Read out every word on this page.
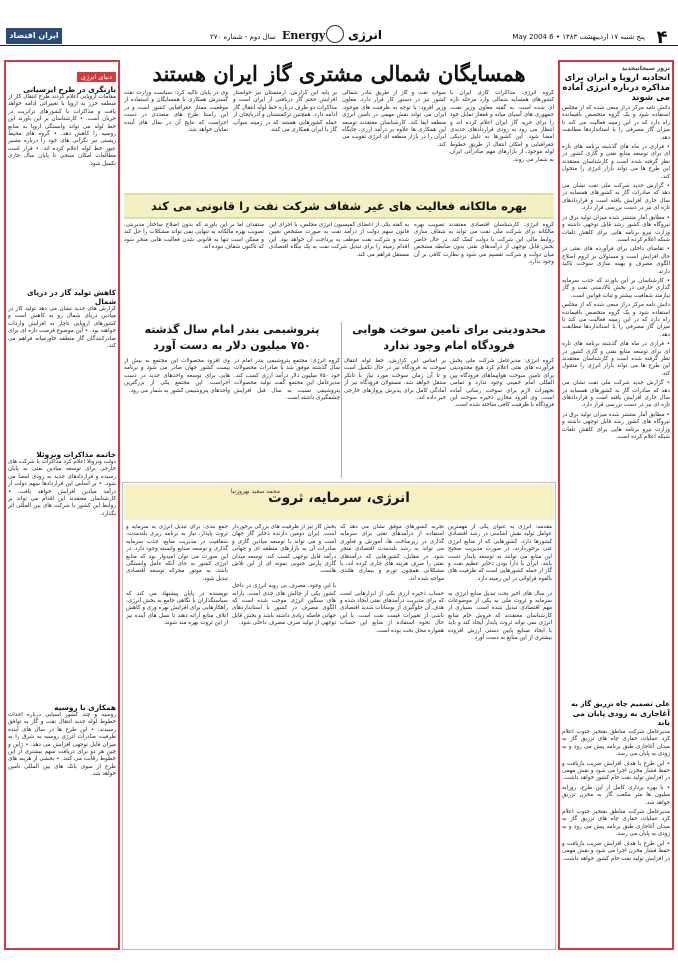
۴
پنج شنبه ۱۷ اردیبهشت ۱۳۸۳ • 6 May 2004
انرژی
Energy
سال دوم - شماره ۲۷۰
ایران اقتصاد
تروز سبحانیجدید
اتحادیه اروپا و ایران برای مذاکره درباره انرژی آماده می شوند

دانش نامه مرکز دراز سعی شده که از مجلس استفاده شود و یک گروه متخصص باقیمانده راه دارد که در این زمینه فعالیت می کند تا میزان گاز مصرفی را با استانداردها مطابقت دهد.

• فرازی در ماه های گذشته برنامه های تازه ای برای توسعه منابع نفتی و گازی کشور در نظر گرفته شده است و کارشناسان معتقدند این طرح ها می تواند بازار انرژی را متحول کند.

• گزارش جدید شرکت ملی نفت نشان می دهد که صادرات گاز به کشورهای همسایه در سال جاری افزایش یافته است و قراردادهای تازه ای نیز در دست بررسی قرار دارد.

• مطابق آمار منتشر شده میزان تولید برق در نیروگاه های کشور رشد قابل توجهی داشته و وزارت نیرو برنامه هایی برای کاهش تلفات شبکه اعلام کرده است.

• تقاضای داخلی برای فرآورده های نفتی در حال افزایش است و مسئولان بر لزوم اصلاح الگوی مصرف و بهینه سازی سوخت تاکید دارند.

• کارشناسان بر این باورند که جذب سرمایه گذاری خارجی در بخش بالادستی نفت و گاز نیازمند شفافیت بیشتر و ثبات قوانین است.

دانش نامه مرکز دراز سعی شده که از مجلس استفاده شود و یک گروه متخصص باقیمانده راه دارد که در این زمینه فعالیت می کند تا میزان گاز مصرفی را با استانداردها مطابقت دهد.

• فرازی در ماه های گذشته برنامه های تازه ای برای توسعه منابع نفتی و گازی کشور در نظر گرفته شده است و کارشناسان معتقدند این طرح ها می تواند بازار انرژی را متحول کند.

• گزارش جدید شرکت ملی نفت نشان می دهد که صادرات گاز به کشورهای همسایه در سال جاری افزایش یافته است و قراردادهای تازه ای نیز در دست بررسی قرار دارد.

• مطابق آمار منتشر شده میزان تولید برق در نیروگاه های کشور رشد قابل توجهی داشته و وزارت نیرو برنامه هایی برای کاهش تلفات شبکه اعلام کرده است.

علی تصمیم چاه تزریق گاز به
آغاجاری به زودی پایان می یابد

مدیرعامل شرکت مناطق نفتخیز جنوب اعلام کرد عملیات حفاری چاه های تزریق گاز به میدان آغاجاری طبق برنامه پیش می رود و به زودی به پایان می رسد.

• این طرح با هدف افزایش ضریب بازیافت و حفظ فشار مخزن اجرا می شود و نقش مهمی در افزایش تولید نفت خام کشور خواهد داشت.

• با بهره برداری کامل از این طرح، روزانه میلیون ها متر مکعب گاز به مخزن تزریق خواهد شد.

مدیرعامل شرکت مناطق نفتخیز جنوب اعلام کرد عملیات حفاری چاه های تزریق گاز به میدان آغاجاری طبق برنامه پیش می رود و به زودی به پایان می رسد.

• این طرح با هدف افزایش ضریب بازیافت و حفظ فشار مخزن اجرا می شود و نقش مهمی در افزایش تولید نفت خام کشور خواهد داشت.

دنیای انرژی
بازنگری در طرح ایرسیانی
مقامات اروپایی اعلام کردند طرح انتقال گاز از منطقه خزر به اروپا با تغییراتی ادامه خواهد یافت و مذاکرات با کشورهای ترانزیت در جریان است. • کارشناسان بر این باورند این خط لوله می تواند وابستگی اروپا به منابع روسیه را کاهش دهد. • گروه های محیط زیستی نیز نگرانی های خود را درباره مسیر عبور خط لوله اعلام کرده اند. • قرار است مطالعات امکان سنجی تا پایان سال جاری تکمیل شود.
کاهش تولید گاز در دریای شمال
گزارش های جدید نشان می دهد تولید گاز در میادین دریای شمال رو به کاهش است و کشورهای اروپایی ناچار به افزایش واردات خواهند بود. • این موضوع فرصت تازه ای برای صادرکنندگان گاز منطقه خاورمیانه فراهم می کند.
خاتمه مذاکرات ونزوئلا
دولت ونزوئلا اعلام کرد مذاکرات با شرکت های خارجی برای توسعه میادین نفتی به پایان رسیده و قراردادهای جدید به زودی امضا می شود. • بر اساس این قراردادها سهم دولت از درآمد میادین افزایش خواهد یافت. • کارشناسان معتقدند این اقدام می تواند بر روابط این کشور با شرکت های بین المللی اثر بگذارد.
همکاری با روسیه
روسیه و چند کشور آسیایی درباره احداث خطوط لوله جدید انتقال نفت و گاز به توافق رسیدند. • این طرح ها در سال های آینده ظرفیت صادرات انرژی روسیه به شرق را به میزان قابل توجهی افزایش می دهد. • ژاپن و چین هر دو برای دریافت سهم بیشتری از این خطوط رقابت می کنند. • بخشی از هزینه های طرح از سوی بانک های بین المللی تامین خواهد شد.
همسایگان شمالی مشتری گاز ایران هستند
گروه انرژی: مذاکرات گازی ایران با کشورهای همسایه شمالی وارد مرحله تازه ای شده است. به گفته معاون وزیر نفت، جمهوری های آسیای میانه و قفقاز تمایل خود را برای خرید گاز ایران اعلام کرده اند و انتظار می رود به زودی قراردادهای جدیدی امضا شود. این کشورها به دلیل نزدیکی جغرافیایی و امکان انتقال از طریق خطوط لوله موجود، از بازارهای مهم صادراتی ایران به شمار می روند.
سوآپ نفت و گاز از طریق بنادر شمالی کشور نیز در دستور کار قرار دارد. معاون وزیر افزود: با توجه به ظرفیت های موجود، ایران می تواند نقش مهمی در تامین انرژی منطقه ایفا کند. کارشناسان معتقدند توسعه این همکاری ها علاوه بر درآمد ارزی، جایگاه ایران را در بازار منطقه ای انرژی تقویت می کند.
بر پایه این گزارش، ارمنستان نیز خواستار افزایش حجم گاز دریافتی از ایران است و مذاکرات دو طرف درباره خط لوله انتقال گاز ادامه دارد. همچنین ترکمنستان و آذربایجان از جمله کشورهایی هستند که در زمینه سوآپ گاز با ایران همکاری می کنند.
وی در پایان تاکید کرد: سیاست وزارت نفت گسترش همکاری با همسایگان و استفاده از موقعیت ممتاز جغرافیایی کشور است و در این راستا طرح های متعددی در دست اجراست که نتایج آن در سال های آینده نمایان خواهد شد.
بهره مالکانه فعالیت های غیر شفاف شرکت نفت را قانونی می کند
گروه انرژی: کارشناسان اقتصادی معتقدند تصویب بهره مالکانه برای شرکت ملی نفت می تواند به شفاف سازی روابط مالی این شرکت با دولت کمک کند. در حال حاضر بخش قابل توجهی از درآمدهای نفتی بدون ضابطه مشخص میان دولت و شرکت تقسیم می شود و نظارت کافی بر آن وجود ندارد.
به گفته یکی از اعضای کمیسیون انرژی مجلس، با اجرای این قانون سهم دولت از درآمد نفت به صورت مشخص تعیین شده و شرکت نفت موظف به پرداخت آن خواهد بود. این اقدام زمینه را برای تبدیل شرکت نفت به یک بنگاه اقتصادی مستقل فراهم می کند.
منتقدان اما بر این باورند که بدون اصلاح ساختار مدیریتی، تصویب بهره مالکانه به تنهایی نمی تواند مشکلات را حل کند و ممکن است تنها به قانونی شدن فعالیت هایی منجر شود که تاکنون شفاف نبوده اند.
محدودیتی برای تامین سوخت هوایی
فرودگاه امام وجود ندارد
گروه انرژی: مدیرعامل شرکت ملی پخش فرآورده های نفتی اعلام کرد هیچ محدودیتی برای تامین سوخت هواپیماهای فرودگاه بین المللی امام خمینی وجود ندارد و تمامی تجهیزات لازم برای سوخت رسانی آماده است. وی افزود مخازن ذخیره سوخت این فرودگاه با ظرفیت کافی ساخته شده است.
بر اساس این گزارش، خط لوله انتقال سوخت به فرودگاه نیز در حال تکمیل است و تا آن زمان سوخت مورد نیاز با تانکر منتقل خواهد شد. مسئولان فرودگاه نیز از آمادگی کامل برای پذیرش پروازهای خارجی خبر داده اند.
پتروشیمی بندر امام سال گذشته
۷۵۰ میلیون دلار به دست آورد
گروه انرژی: مجتمع پتروشیمی بندر امام در سال گذشته موفق شد با صادرات محصولات خود ۷۵۰ میلیون دلار درآمد ارزی کسب کند. مدیرعامل این مجتمع گفت تولید محصولات پتروشیمی نسبت به سال قبل افزایش چشمگیری داشته است.
وی افزود محصولات این مجتمع به بیش از بیست کشور جهان صادر می شود و برنامه هایی برای توسعه واحدهای جدید در دست اجراست. این مجتمع یکی از بزرگترین واحدهای پتروشیمی کشور به شمار می رود.
انرژی، سرمایه، ثروت
محمد سعید بهروزنیا
مقدمه: انرژی به عنوان یکی از مهمترین عوامل تولید نقش اساسی در رشد اقتصادی کشورها دارد. کشورهایی که از منابع انرژی غنی برخوردارند، در صورت مدیریت صحیح این منابع می توانند به توسعه پایدار دست یابند. ایران با دارا بودن ذخایر عظیم نفت و گاز از جمله کشورهایی است که ظرفیت های بالقوه فراوانی در این زمینه دارد.

در سال های اخیر بحث تبدیل منابع انرژی به سرمایه و ثروت ملی به یکی از موضوعات مهم اقتصادی تبدیل شده است. بسیاری از کارشناسان معتقدند که فروش خام منابع انرژی نمی تواند ثروت پایدار ایجاد کند و باید با ایجاد صنایع پایین دستی ارزش افزوده بیشتری از این منابع به دست آورد.
تجربه کشورهای موفق نشان می دهد که استفاده از درآمدهای نفتی برای سرمایه گذاری در زیرساخت ها، آموزش و فناوری می تواند به رشد بلندمدت اقتصادی منجر شود. در مقابل، کشورهایی که درآمدهای نفتی را صرف هزینه های جاری کرده اند، با مشکلاتی همچون تورم و بیماری هلندی مواجه شده اند.

حساب ذخیره ارزی یکی از ابزارهایی است که برای مدیریت درآمدهای نفتی ایجاد شده و هدف آن جلوگیری از نوسانات شدید اقتصادی ناشی از تغییرات قیمت نفت است. با این حال نحوه استفاده از منابع این حساب همواره محل بحث بوده است.
بخش گاز نیز از ظرفیت های بزرگی برخوردار است. ایران دومین دارنده ذخایر گاز جهان است و می تواند با توسعه میادین گازی و صادرات آن به بازارهای منطقه ای و جهانی درآمد قابل توجهی کسب کند. توسعه میدان گازی پارس جنوبی نمونه ای از این تلاش هاست.

با این وجود، مصرف بی رویه انرژی در داخل کشور یکی از چالش های جدی است. یارانه های سنگین انرژی موجب شده است که الگوی مصرف در کشور با استانداردهای جهانی فاصله زیادی داشته باشد و بخش قابل توجهی از تولید صرف مصرف داخلی شود.
جمع بندی: برای تبدیل انرژی به سرمایه و ثروت پایدار، نیاز به برنامه ریزی بلندمدت، شفافیت در مدیریت منابع، جذب سرمایه گذاری و توسعه صنایع وابسته وجود دارد. در این صورت می توان امیدوار بود که منابع انرژی کشور به جای آنکه عامل وابستگی باشد، به موتور محرکه توسعه اقتصادی تبدیل شود.

نویسنده در پایان پیشنهاد می کند که سیاستگذاران با نگاهی جامع به بخش انرژی، راهکارهایی برای افزایش بهره وری و کاهش اتلاف منابع ارائه دهند تا نسل های آینده نیز از این ثروت بهره مند شوند.
